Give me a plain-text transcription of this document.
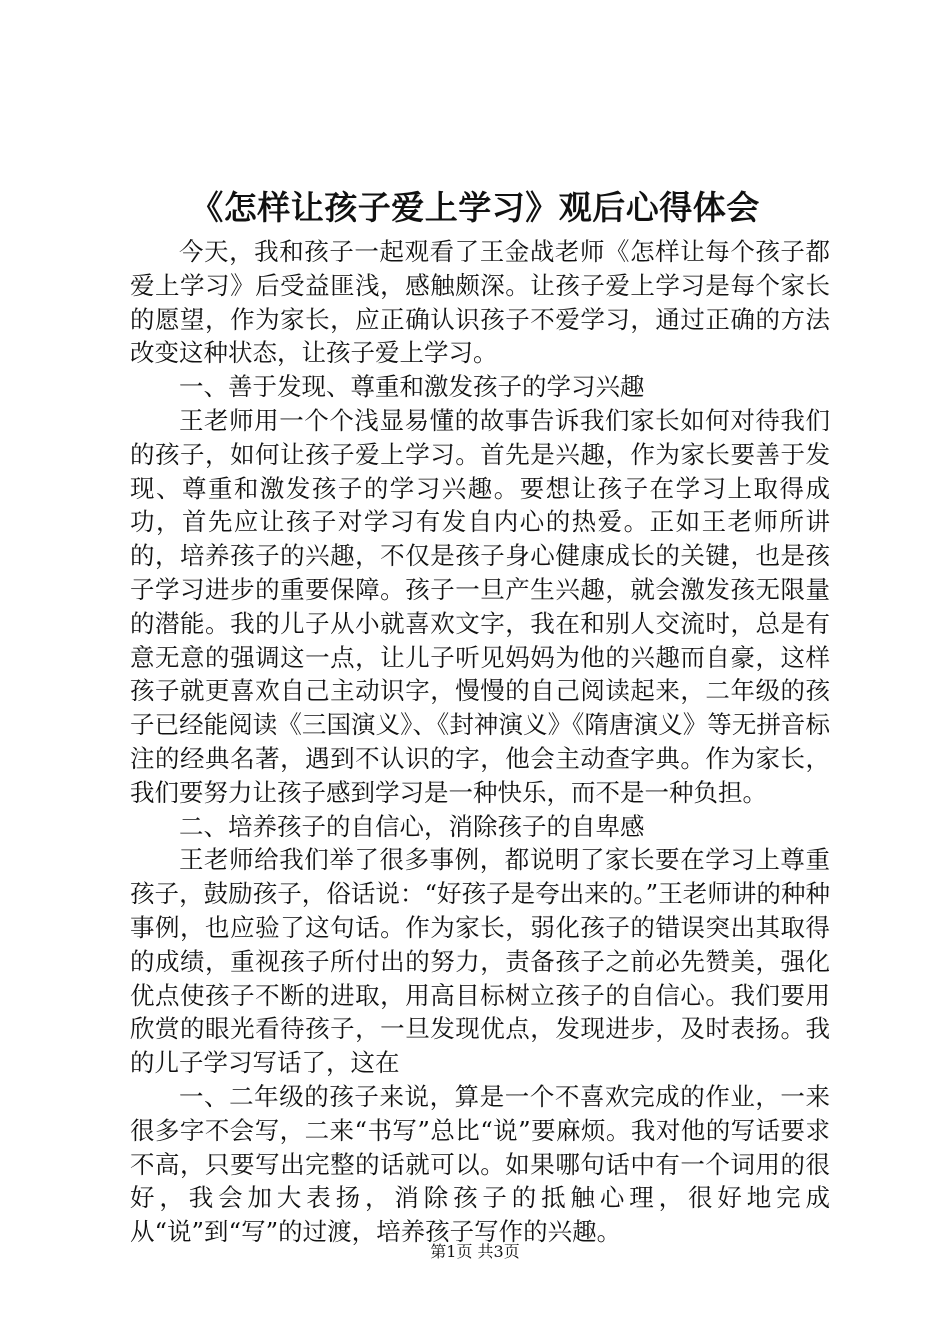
《怎样让孩子爱上学习》观后心得体会

今天，我和孩子一起观看了王金战老师《怎样让每个孩子都爱上学习》后受益匪浅，感触颇深。让孩子爱上学习是每个家长的愿望，作为家长，应正确认识孩子不爱学习，通过正确的方法改变这种状态，让孩子爱上学习。

一、善于发现、尊重和激发孩子的学习兴趣

王老师用一个个浅显易懂的故事告诉我们家长如何对待我们的孩子，如何让孩子爱上学习。首先是兴趣，作为家长要善于发现、尊重和激发孩子的学习兴趣。要想让孩子在学习上取得成功，首先应让孩子对学习有发自内心的热爱。正如王老师所讲的，培养孩子的兴趣，不仅是孩子身心健康成长的关键，也是孩子学习进步的重要保障。孩子一旦产生兴趣，就会激发孩无限量的潜能。我的儿子从小就喜欢文字，我在和别人交流时，总是有意无意的强调这一点，让儿子听见妈妈为他的兴趣而自豪，这样孩子就更喜欢自己主动识字，慢慢的自己阅读起来，二年级的孩子已经能阅读《三国演义》、《封神演义》《隋唐演义》等无拼音标注的经典名著，遇到不认识的字，他会主动查字典。作为家长，我们要努力让孩子感到学习是一种快乐，而不是一种负担。

二、培养孩子的自信心，消除孩子的自卑感

王老师给我们举了很多事例，都说明了家长要在学习上尊重孩子，鼓励孩子，俗话说：“好孩子是夸出来的。”王老师讲的种种事例，也应验了这句话。作为家长，弱化孩子的错误突出其取得的成绩，重视孩子所付出的努力，责备孩子之前必先赞美，强化优点使孩子不断的进取，用高目标树立孩子的自信心。我们要用欣赏的眼光看待孩子，一旦发现优点，发现进步，及时表扬。我的儿子学习写话了，这在

一、二年级的孩子来说，算是一个不喜欢完成的作业，一来很多字不会写，二来“书写”总比“说”要麻烦。我对他的写话要求不高，只要写出完整的话就可以。如果哪句话中有一个词用的很好，我会加大表扬，消除孩子的抵触心理，很好地完成从“说”到“写”的过渡，培养孩子写作的兴趣。

第1页 共3页
